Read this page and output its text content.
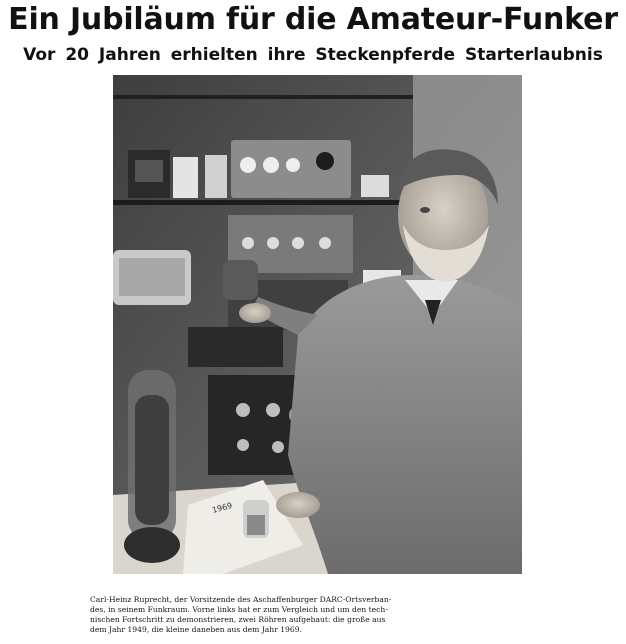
Ein Jubiläum für die Amateur-Funker
Vor 20 Jahren erhielten ihre Steckenpferde Starterlaubnis
1969
Carl-Heinz Ruprecht, der Vorsitzende des Aschaffenburger DARC-Ortsverban-
des, in seinem Funkraum. Vorne links hat er zum Vergleich und um den tech-
nischen Fortschritt zu demonstrieren, zwei Röhren aufgebaut: die große aus
dem Jahr 1949, die kleine daneben aus dem Jahr 1969.
